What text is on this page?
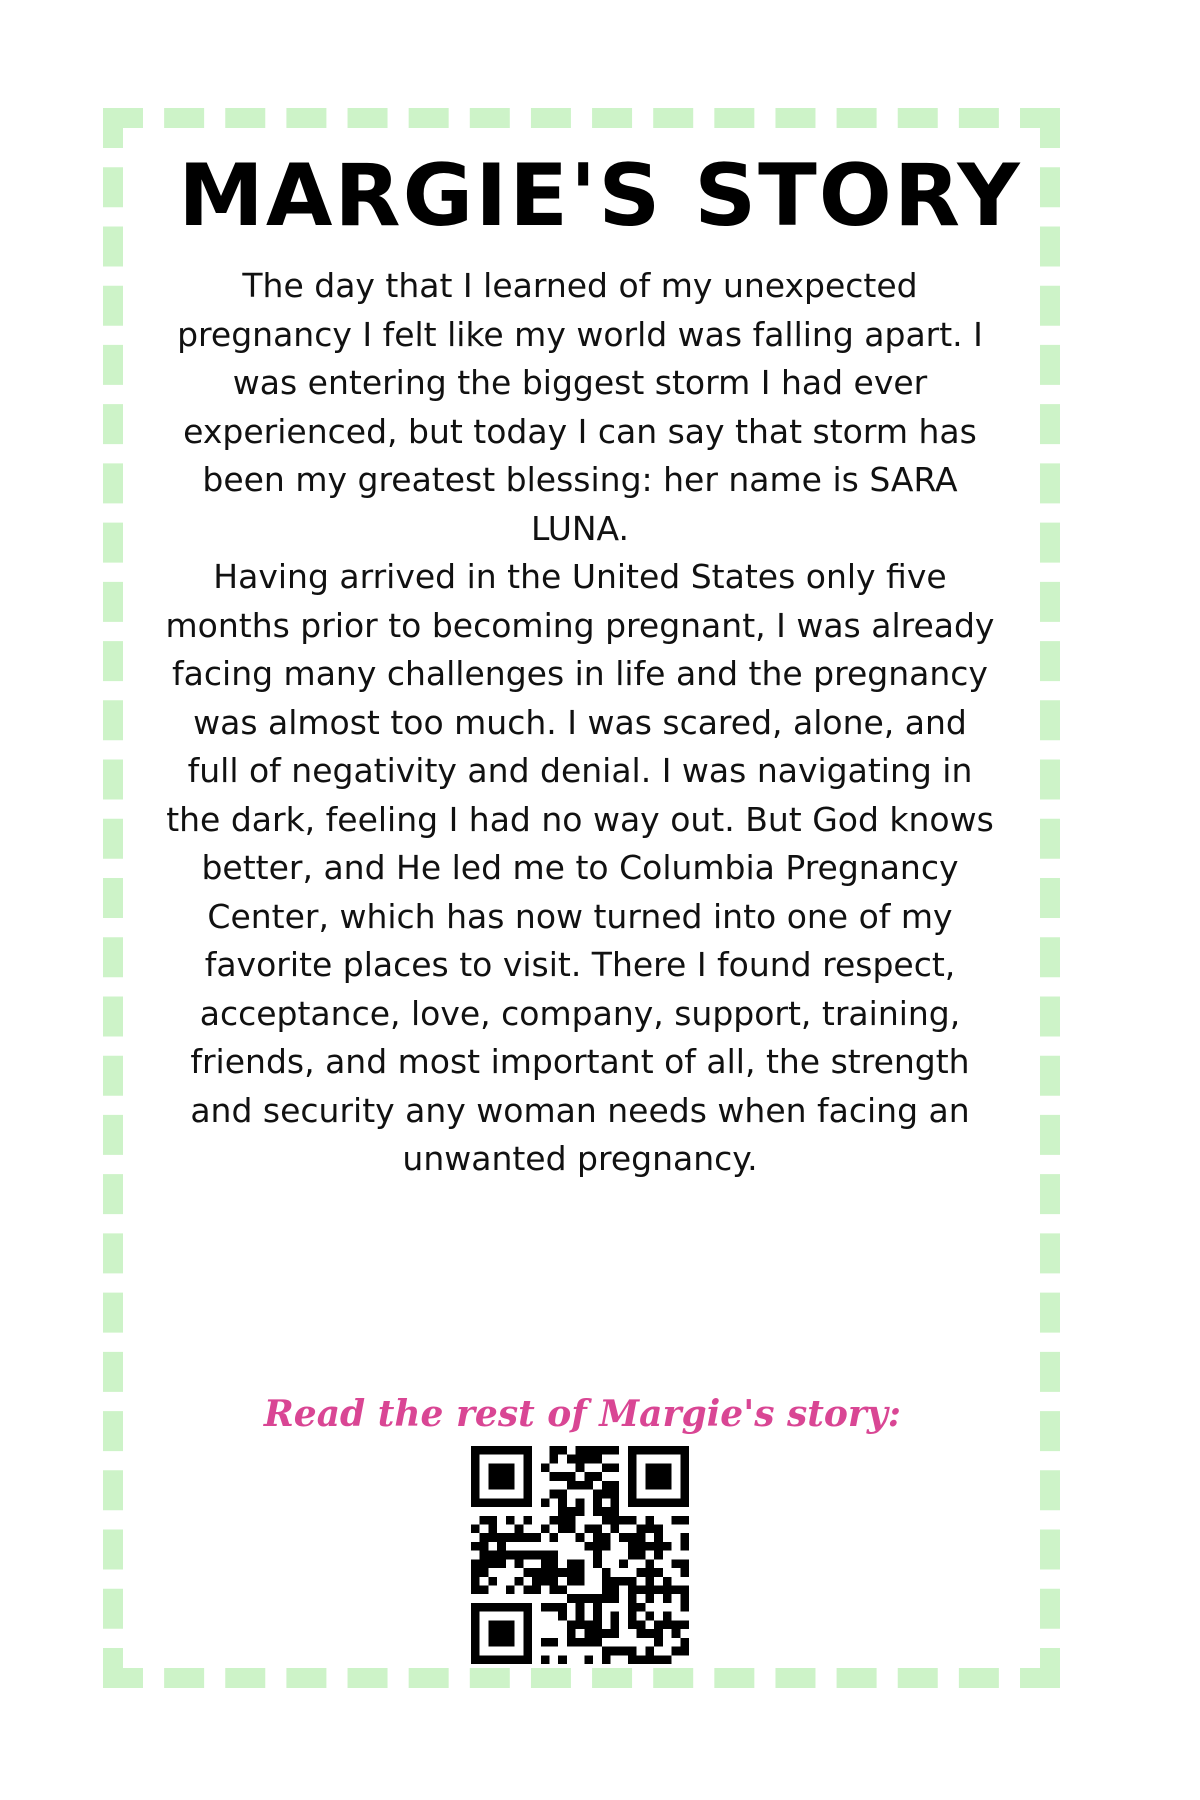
MARGIE'S STORY

The day that I learned of my unexpected pregnancy I felt like my world was falling apart. I was entering the biggest storm I had ever experienced, but today I can say that storm has been my greatest blessing: her name is SARA LUNA.

Having arrived in the United States only five months prior to becoming pregnant, I was already facing many challenges in life and the pregnancy was almost too much. I was scared, alone, and full of negativity and denial. I was navigating in the dark, feeling I had no way out. But God knows better, and He led me to Columbia Pregnancy Center, which has now turned into one of my favorite places to visit. There I found respect, acceptance, love, company, support, training, friends, and most important of all, the strength and security any woman needs when facing an unwanted pregnancy.

Read the rest of Margie's story:
